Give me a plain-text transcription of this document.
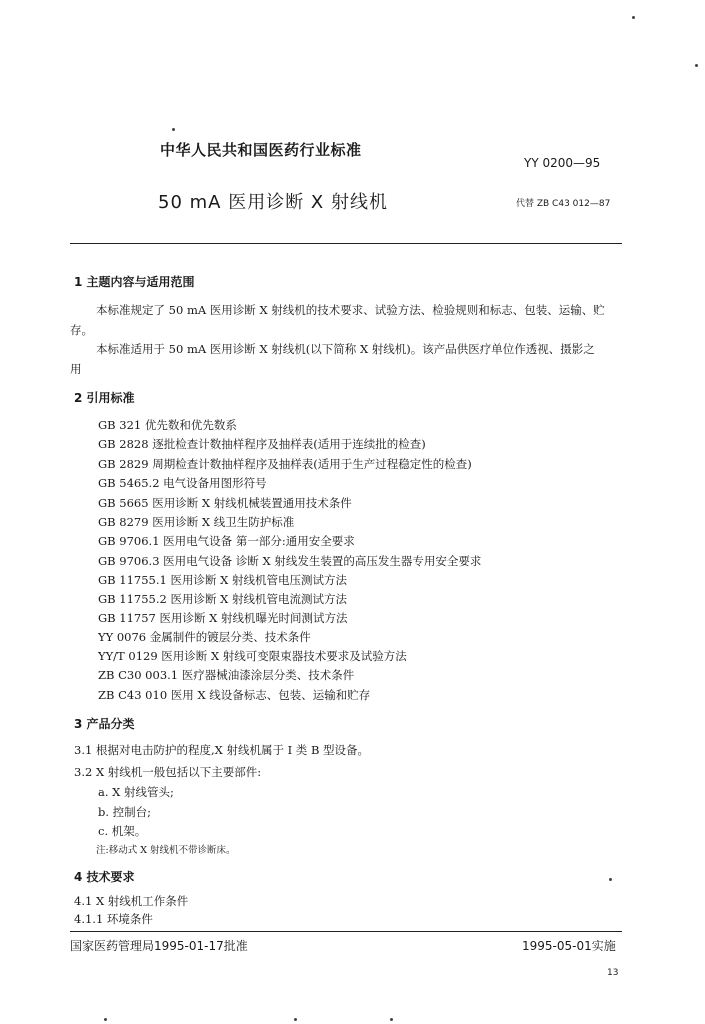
中华人民共和国医药行业标准
YY 0200—95
50 mA 医用诊断 X 射线机	代替 ZB C43 012—87
1 主题内容与适用范围
本标准规定了 50 mA 医用诊断 X 射线机的技术要求、试验方法、检验规则和标志、包装、运输、贮
存。
本标准适用于 50 mA 医用诊断 X 射线机(以下简称 X 射线机)。该产品供医疗单位作透视、摄影之
用
2 引用标准
GB 321 优先数和优先数系
GB 2828 逐批检查计数抽样程序及抽样表(适用于连续批的检查)
GB 2829 周期检查计数抽样程序及抽样表(适用于生产过程稳定性的检查)
GB 5465.2 电气设备用图形符号
GB 5665 医用诊断 X 射线机械装置通用技术条件
GB 8279 医用诊断 X 线卫生防护标准
GB 9706.1 医用电气设备 第一部分:通用安全要求
GB 9706.3 医用电气设备 诊断 X 射线发生装置的高压发生器专用安全要求
GB 11755.1 医用诊断 X 射线机管电压测试方法
GB 11755.2 医用诊断 X 射线机管电流测试方法
GB 11757 医用诊断 X 射线机曝光时间测试方法
YY 0076 金属制件的镀层分类、技术条件
YY/T 0129 医用诊断 X 射线可变限束器技术要求及试验方法
ZB C30 003.1 医疗器械油漆涂层分类、技术条件
ZB C43 010 医用 X 线设备标志、包装、运输和贮存
3 产品分类
3.1 根据对电击防护的程度,X 射线机属于 I 类 B 型设备。
3.2 X 射线机一般包括以下主要部件:
a. X 射线管头;
b. 控制台;
c. 机架。
注:移动式 X 射线机不带诊断床。
4 技术要求
4.1 X 射线机工作条件
4.1.1 环境条件
国家医药管理局1995-01-17批准	1995-05-01实施
13
